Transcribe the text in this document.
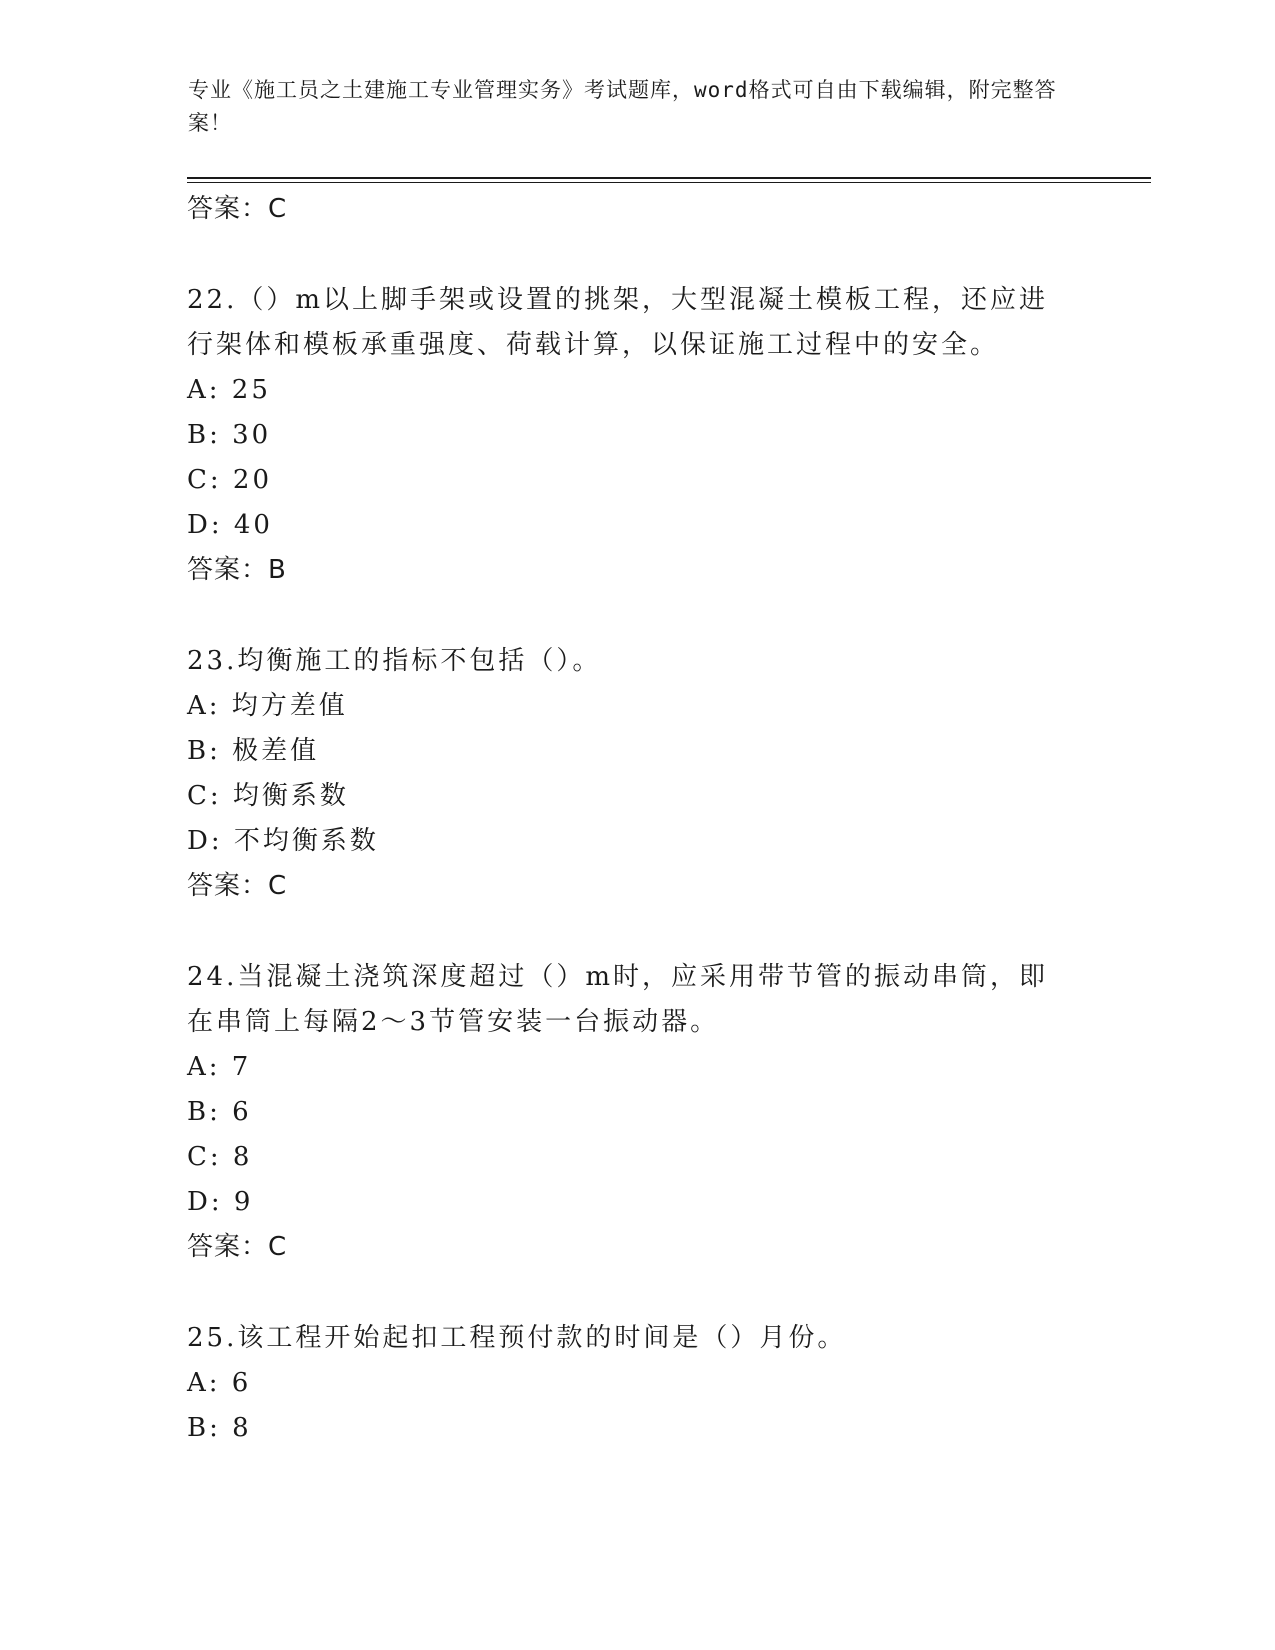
专业《施工员之土建施工专业管理实务》考试题库，word格式可自由下载编辑，附完整答案！
答案：C
22.（）m以上脚手架或设置的挑架，大型混凝土模板工程，还应进行架体和模板承重强度、荷载计算，以保证施工过程中的安全。
A: 25
B: 30
C: 20
D: 40
答案：B
23.均衡施工的指标不包括（）。
A: 均方差值
B: 极差值
C: 均衡系数
D: 不均衡系数
答案：C
24.当混凝土浇筑深度超过（）m时，应采用带节管的振动串筒，即在串筒上每隔2～3节管安装一台振动器。
A: 7
B: 6
C: 8
D: 9
答案：C
25.该工程开始起扣工程预付款的时间是（）月份。
A: 6
B: 8
